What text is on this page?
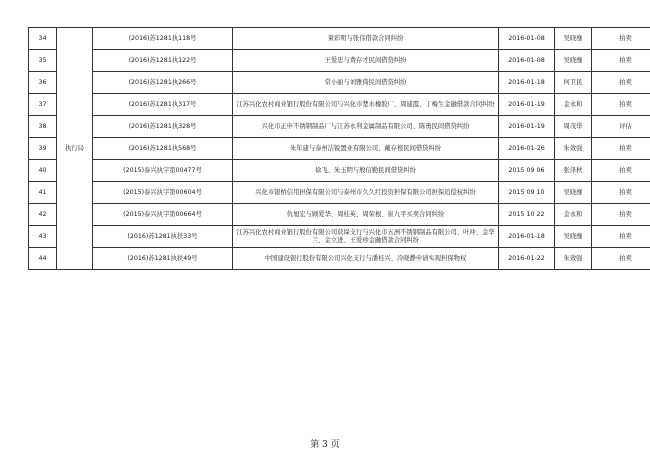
34	执行局	(2016)苏1281执118号	束彩明与张伟借款合同纠纷	2016-01-08	吴晓靡	拍卖
35		(2016)苏1281执122号	王爱忠与费存才民间借贷纠纷	2016-01-08	吴晓靡	拍卖
36		(2016)苏1281执266号	常小丽与刘雅倚民间借贷纠纷	2016-01-18	何卫民	拍卖
37		(2016)苏1281执317号	江苏兴化农村商业银行股份有限公司与兴化市楚水橡胶厂、周建霞、丁梅生金融借款合同纠纷	2016-01-19	金永和	拍卖
38		(2016)苏1281执328号	兴化市正申不锈钢制品厂与江苏永利金属制品有限公司、陈勇民间借贷纠纷	2016-01-19	周茂华	评估
39		(2016)苏1281执568号	朱年建与泰州洁锐置业有限公司、戴存根民间借贷纠纷	2016-01-26	朱效强	拍卖
40		(2015)泰兴执字第00477号	徐飞、朱玉明与殷信勤民间借贷纠纷	2015 09 06	张泽秋	拍卖
41		(2015)泰兴执字第00604号	兴化市银桥信用担保有限公司与泰州市久久红投资担保有限公司担保追偿权纠纷	2015 09 10	吴晓靡	拍卖
42		(2015)泰兴执字第00664号	仇旭宏与顾爱华、周桂英、周荣根、崔九平买卖合同纠纷	2015 10 22	金永和	拍卖
43		(2016)苏1281执扶33号	江苏兴化农村商业银行股份有限公司获垛支行与兴化市五洲不锈钢制品有限公司、叶冲、金华兰、金立进、王爱珍金融借款合同纠纷	2016-01-18	吴晓靡	拍卖
44		(2016)苏1281执扶49号	中国建设银行股份有限公司兴化支行与潘桂兴、冷晓静申请实现担保物权	2016-01-22	朱效强	拍卖
第 3 页
